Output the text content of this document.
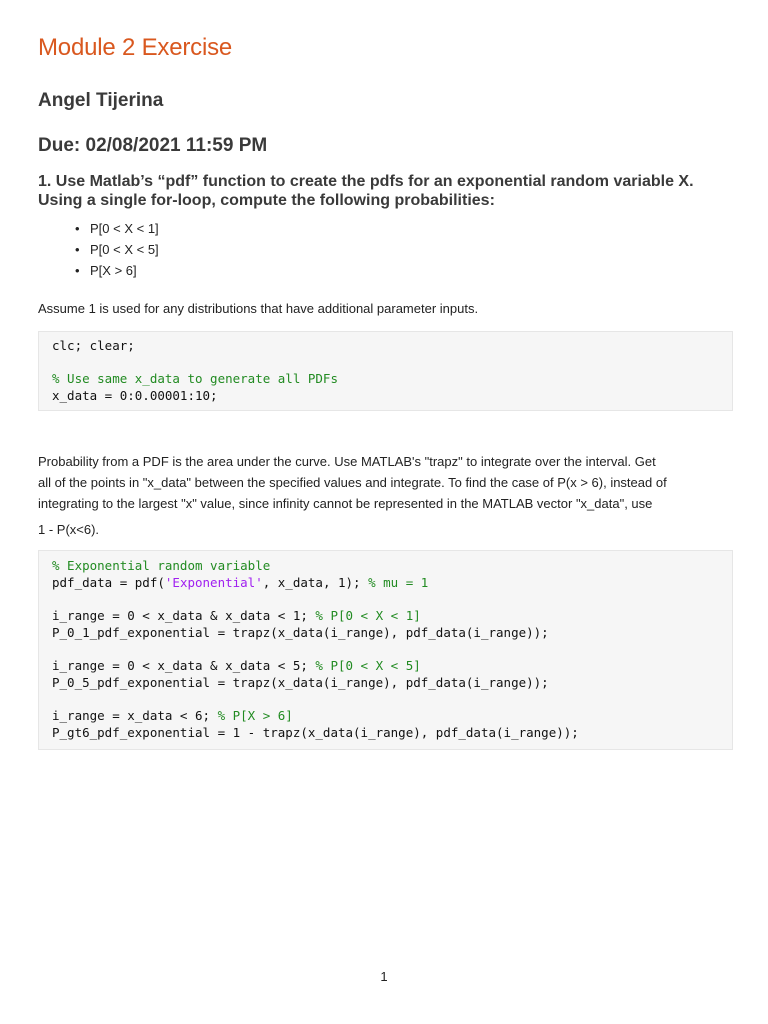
Module 2 Exercise
Angel Tijerina
Due: 02/08/2021 11:59 PM
1. Use Matlab’s “pdf” function to create the pdfs for an exponential random variable X.
Using a single for-loop, compute the following probabilities:
• P[0 < X < 1]
• P[0 < X < 5]
• P[X > 6]
Assume 1 is used for any distributions that have additional parameter inputs.
clc; clear;

% Use same x_data to generate all PDFs
x_data = 0:0.00001:10;
Probability from a PDF is the area under the curve. Use MATLAB's "trapz" to integrate over the interval. Get
all of the points in "x_data" between the specified values and integrate. To find the case of P(x > 6), instead of
integrating to the largest "x" value, since infinity cannot be represented in the MATLAB vector "x_data", use
1 - P(x<6).
% Exponential random variable
pdf_data = pdf('Exponential', x_data, 1); % mu = 1

i_range = 0 < x_data & x_data < 1; % P[0 < X < 1]
P_0_1_pdf_exponential = trapz(x_data(i_range), pdf_data(i_range));

i_range = 0 < x_data & x_data < 5; % P[0 < X < 5]
P_0_5_pdf_exponential = trapz(x_data(i_range), pdf_data(i_range));

i_range = x_data < 6; % P[X > 6]
P_gt6_pdf_exponential = 1 - trapz(x_data(i_range), pdf_data(i_range));
1
